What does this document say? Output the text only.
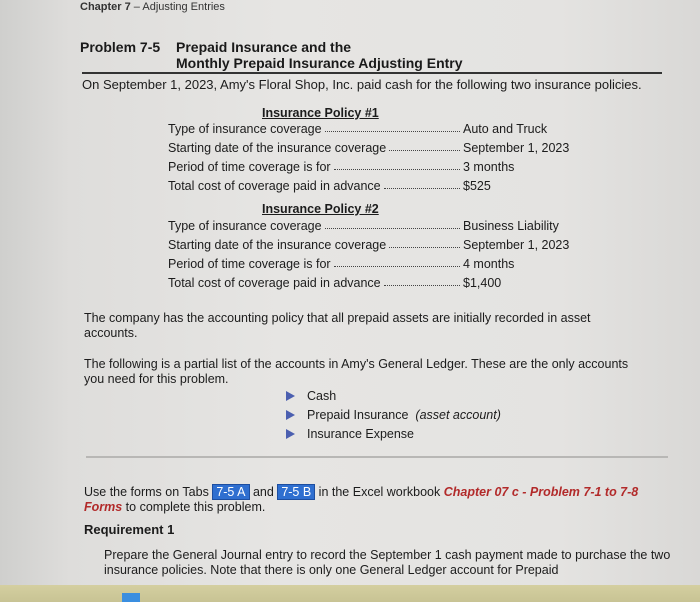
Chapter 7 – Adjusting Entries
Problem 7-5 Prepaid Insurance and the
Monthly Prepaid Insurance Adjusting Entry
On September 1, 2023, Amy's Floral Shop, Inc. paid cash for the following two insurance policies.
Insurance Policy #1
Type of insurance coverage	Auto and Truck
Starting date of the insurance coverage	September 1, 2023
Period of time coverage is for	3 months
Total cost of coverage paid in advance	$525
Insurance Policy #2
Type of insurance coverage	Business Liability
Starting date of the insurance coverage	September 1, 2023
Period of time coverage is for	4 months
Total cost of coverage paid in advance	$1,400
The company has the accounting policy that all prepaid assets are initially recorded in asset accounts.
The following is a partial list of the accounts in Amy's General Ledger. These are the only accounts you need for this problem.
Cash
Prepaid Insurance
(asset account)
Insurance Expense
Use the forms on Tabs 7-5 A and 7-5 B in the Excel workbook Chapter 07 c - Problem 7-1 to 7-8 Forms to complete this problem.
Requirement 1
Prepare the General Journal entry to record the September 1 cash payment made to purchase the two insurance policies. Note that there is only one General Ledger account for Prepaid
